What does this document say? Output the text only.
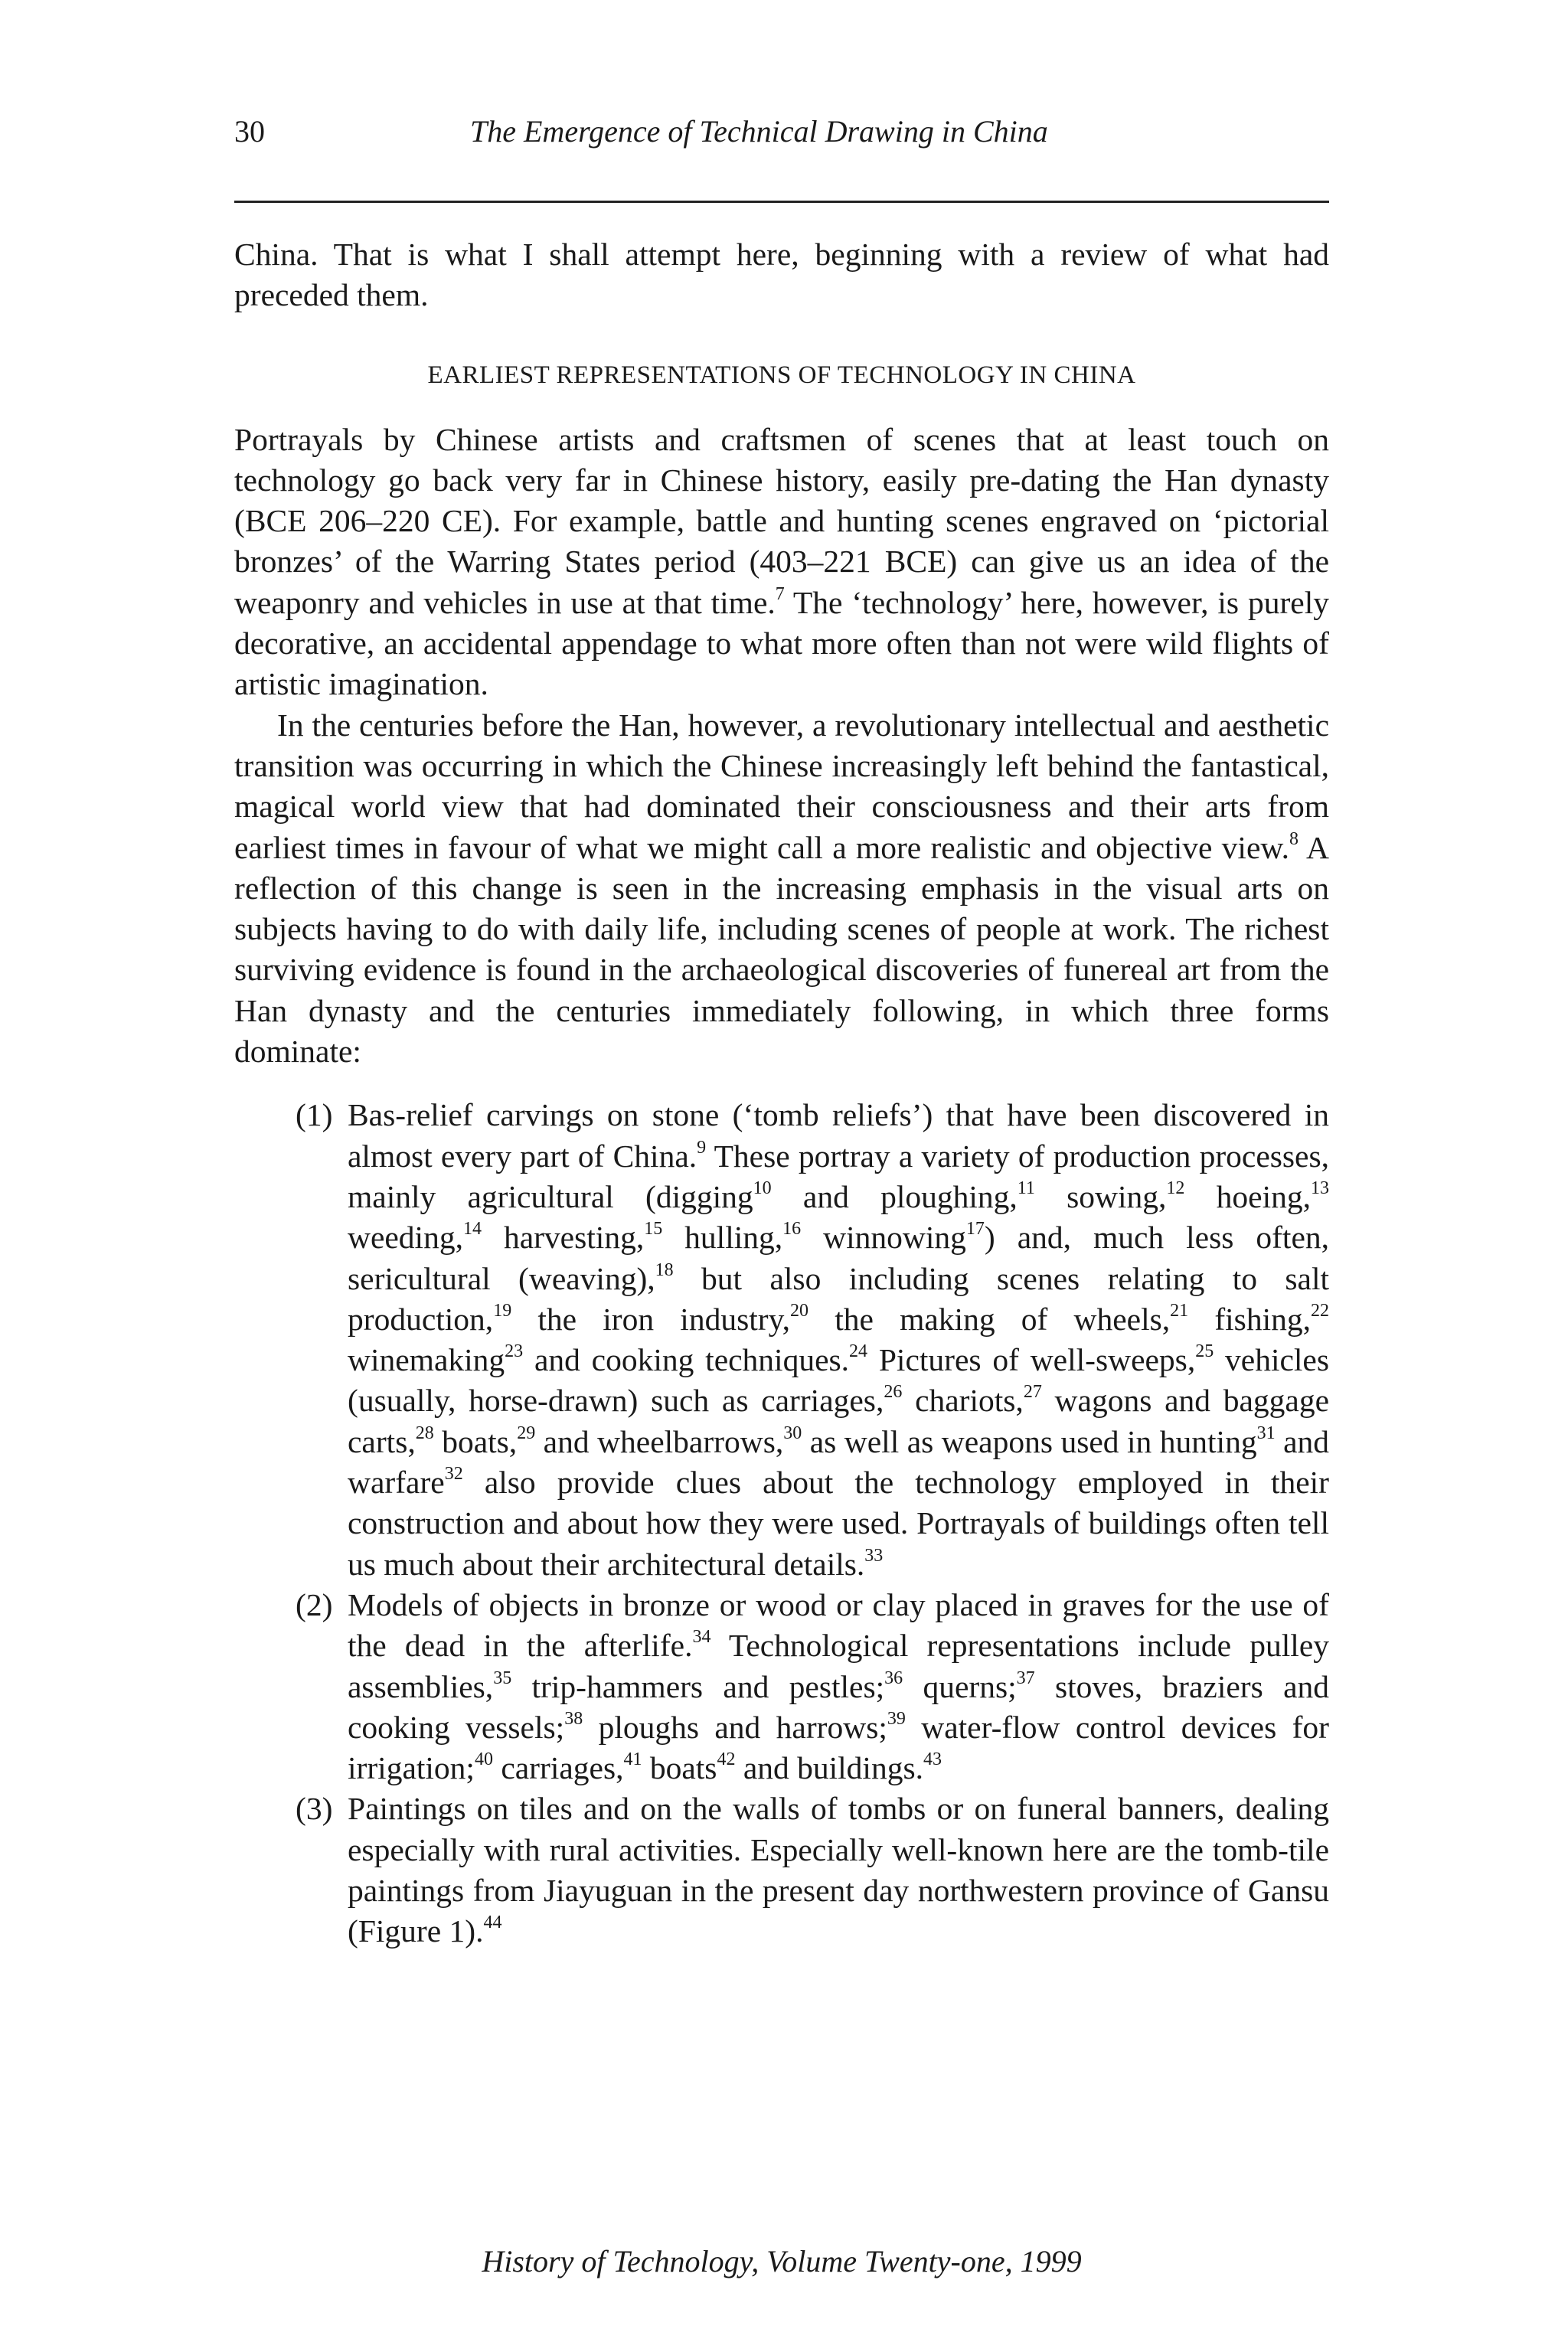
30	The Emergence of Technical Drawing in China

China. That is what I shall attempt here, beginning with a review of what had preceded them.

EARLIEST REPRESENTATIONS OF TECHNOLOGY IN CHINA

Portrayals by Chinese artists and craftsmen of scenes that at least touch on technology go back very far in Chinese history, easily pre-dating the Han dynasty (BCE 206–220 CE). For example, battle and hunting scenes engraved on ‘pictorial bronzes’ of the Warring States period (403–221 BCE) can give us an idea of the weaponry and vehicles in use at that time.$^7$ The ‘technology’ here, however, is purely decorative, an accidental appendage to what more often than not were wild flights of artistic imagination.

In the centuries before the Han, however, a revolutionary intellectual and aesthetic transition was occurring in which the Chinese increasingly left behind the fantastical, magical world view that had dominated their consciousness and their arts from earliest times in favour of what we might call a more realistic and objective view.$^8$ A reflection of this change is seen in the increasing emphasis in the visual arts on subjects having to do with daily life, including scenes of people at work. The richest surviving evidence is found in the archaeological discoveries of funereal art from the Han dynasty and the centuries immediately following, in which three forms dominate:

(1) Bas-relief carvings on stone (‘tomb reliefs’) that have been discovered in almost every part of China.$^9$ These portray a variety of production processes, mainly agricultural (digging$^{10}$ and ploughing,$^{11}$ sowing,$^{12}$ hoeing,$^{13}$ weeding,$^{14}$ harvesting,$^{15}$ hulling,$^{16}$ winnowing$^{17}$) and, much less often, sericultural (weaving),$^{18}$ but also including scenes relating to salt production,$^{19}$ the iron industry,$^{20}$ the making of wheels,$^{21}$ fishing,$^{22}$ winemaking$^{23}$ and cooking techniques.$^{24}$ Pictures of well-sweeps,$^{25}$ vehicles (usually, horse-drawn) such as carriages,$^{26}$ chariots,$^{27}$ wagons and baggage carts,$^{28}$ boats,$^{29}$ and wheelbarrows,$^{30}$ as well as weapons used in hunting$^{31}$ and warfare$^{32}$ also provide clues about the technology employed in their construction and about how they were used. Portrayals of buildings often tell us much about their architectural details.$^{33}$
(2) Models of objects in bronze or wood or clay placed in graves for the use of the dead in the afterlife.$^{34}$ Technological representations include pulley assemblies,$^{35}$ trip-hammers and pestles;$^{36}$ querns;$^{37}$ stoves, braziers and cooking vessels;$^{38}$ ploughs and harrows;$^{39}$ water-flow control devices for irrigation;$^{40}$ carriages,$^{41}$ boats$^{42}$ and buildings.$^{43}$
(3) Paintings on tiles and on the walls of tombs or on funeral banners, dealing especially with rural activities. Especially well-known here are the tomb-tile paintings from Jiayuguan in the present day northwestern province of Gansu (Figure 1).$^{44}$
History of Technology, Volume Twenty-one, 1999
